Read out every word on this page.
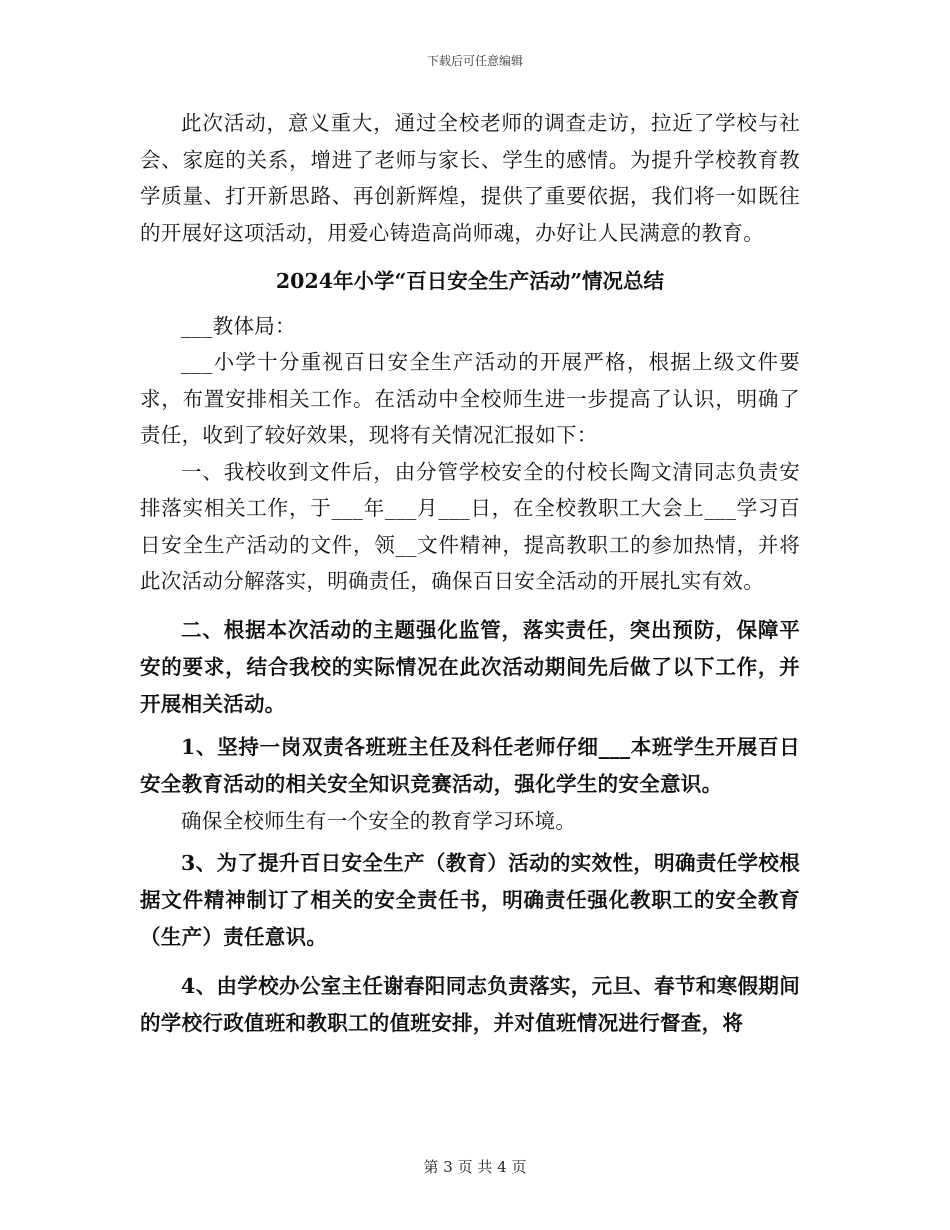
下载后可任意编辑

此次活动，意义重大，通过全校老师的调查走访，拉近了学校与社会、家庭的关系，增进了老师与家长、学生的感情。为提升学校教育教学质量、打开新思路、再创新辉煌，提供了重要依据，我们将一如既往的开展好这项活动，用爱心铸造高尚师魂，办好让人民满意的教育。

2024年小学“百日安全生产活动”情况总结

___教体局：

___小学十分重视百日安全生产活动的开展严格，根据上级文件要求，布置安排相关工作。在活动中全校师生进一步提高了认识，明确了责任，收到了较好效果，现将有关情况汇报如下：

一、我校收到文件后，由分管学校安全的付校长陶文清同志负责安排落实相关工作，于___年___月___日，在全校教职工大会上___学习百日安全生产活动的文件，领__文件精神，提高教职工的参加热情，并将此次活动分解落实，明确责任，确保百日安全活动的开展扎实有效。

二、根据本次活动的主题强化监管，落实责任，突出预防，保障平安的要求，结合我校的实际情况在此次活动期间先后做了以下工作，并开展相关活动。

1、坚持一岗双责各班班主任及科任老师仔细___本班学生开展百日安全教育活动的相关安全知识竞赛活动，强化学生的安全意识。

确保全校师生有一个安全的教育学习环境。

3、为了提升百日安全生产（教育）活动的实效性，明确责任学校根据文件精神制订了相关的安全责任书，明确责任强化教职工的安全教育（生产）责任意识。

4、由学校办公室主任谢春阳同志负责落实，元旦、春节和寒假期间的学校行政值班和教职工的值班安排，并对值班情况进行督查，将

第 3 页 共 4 页
